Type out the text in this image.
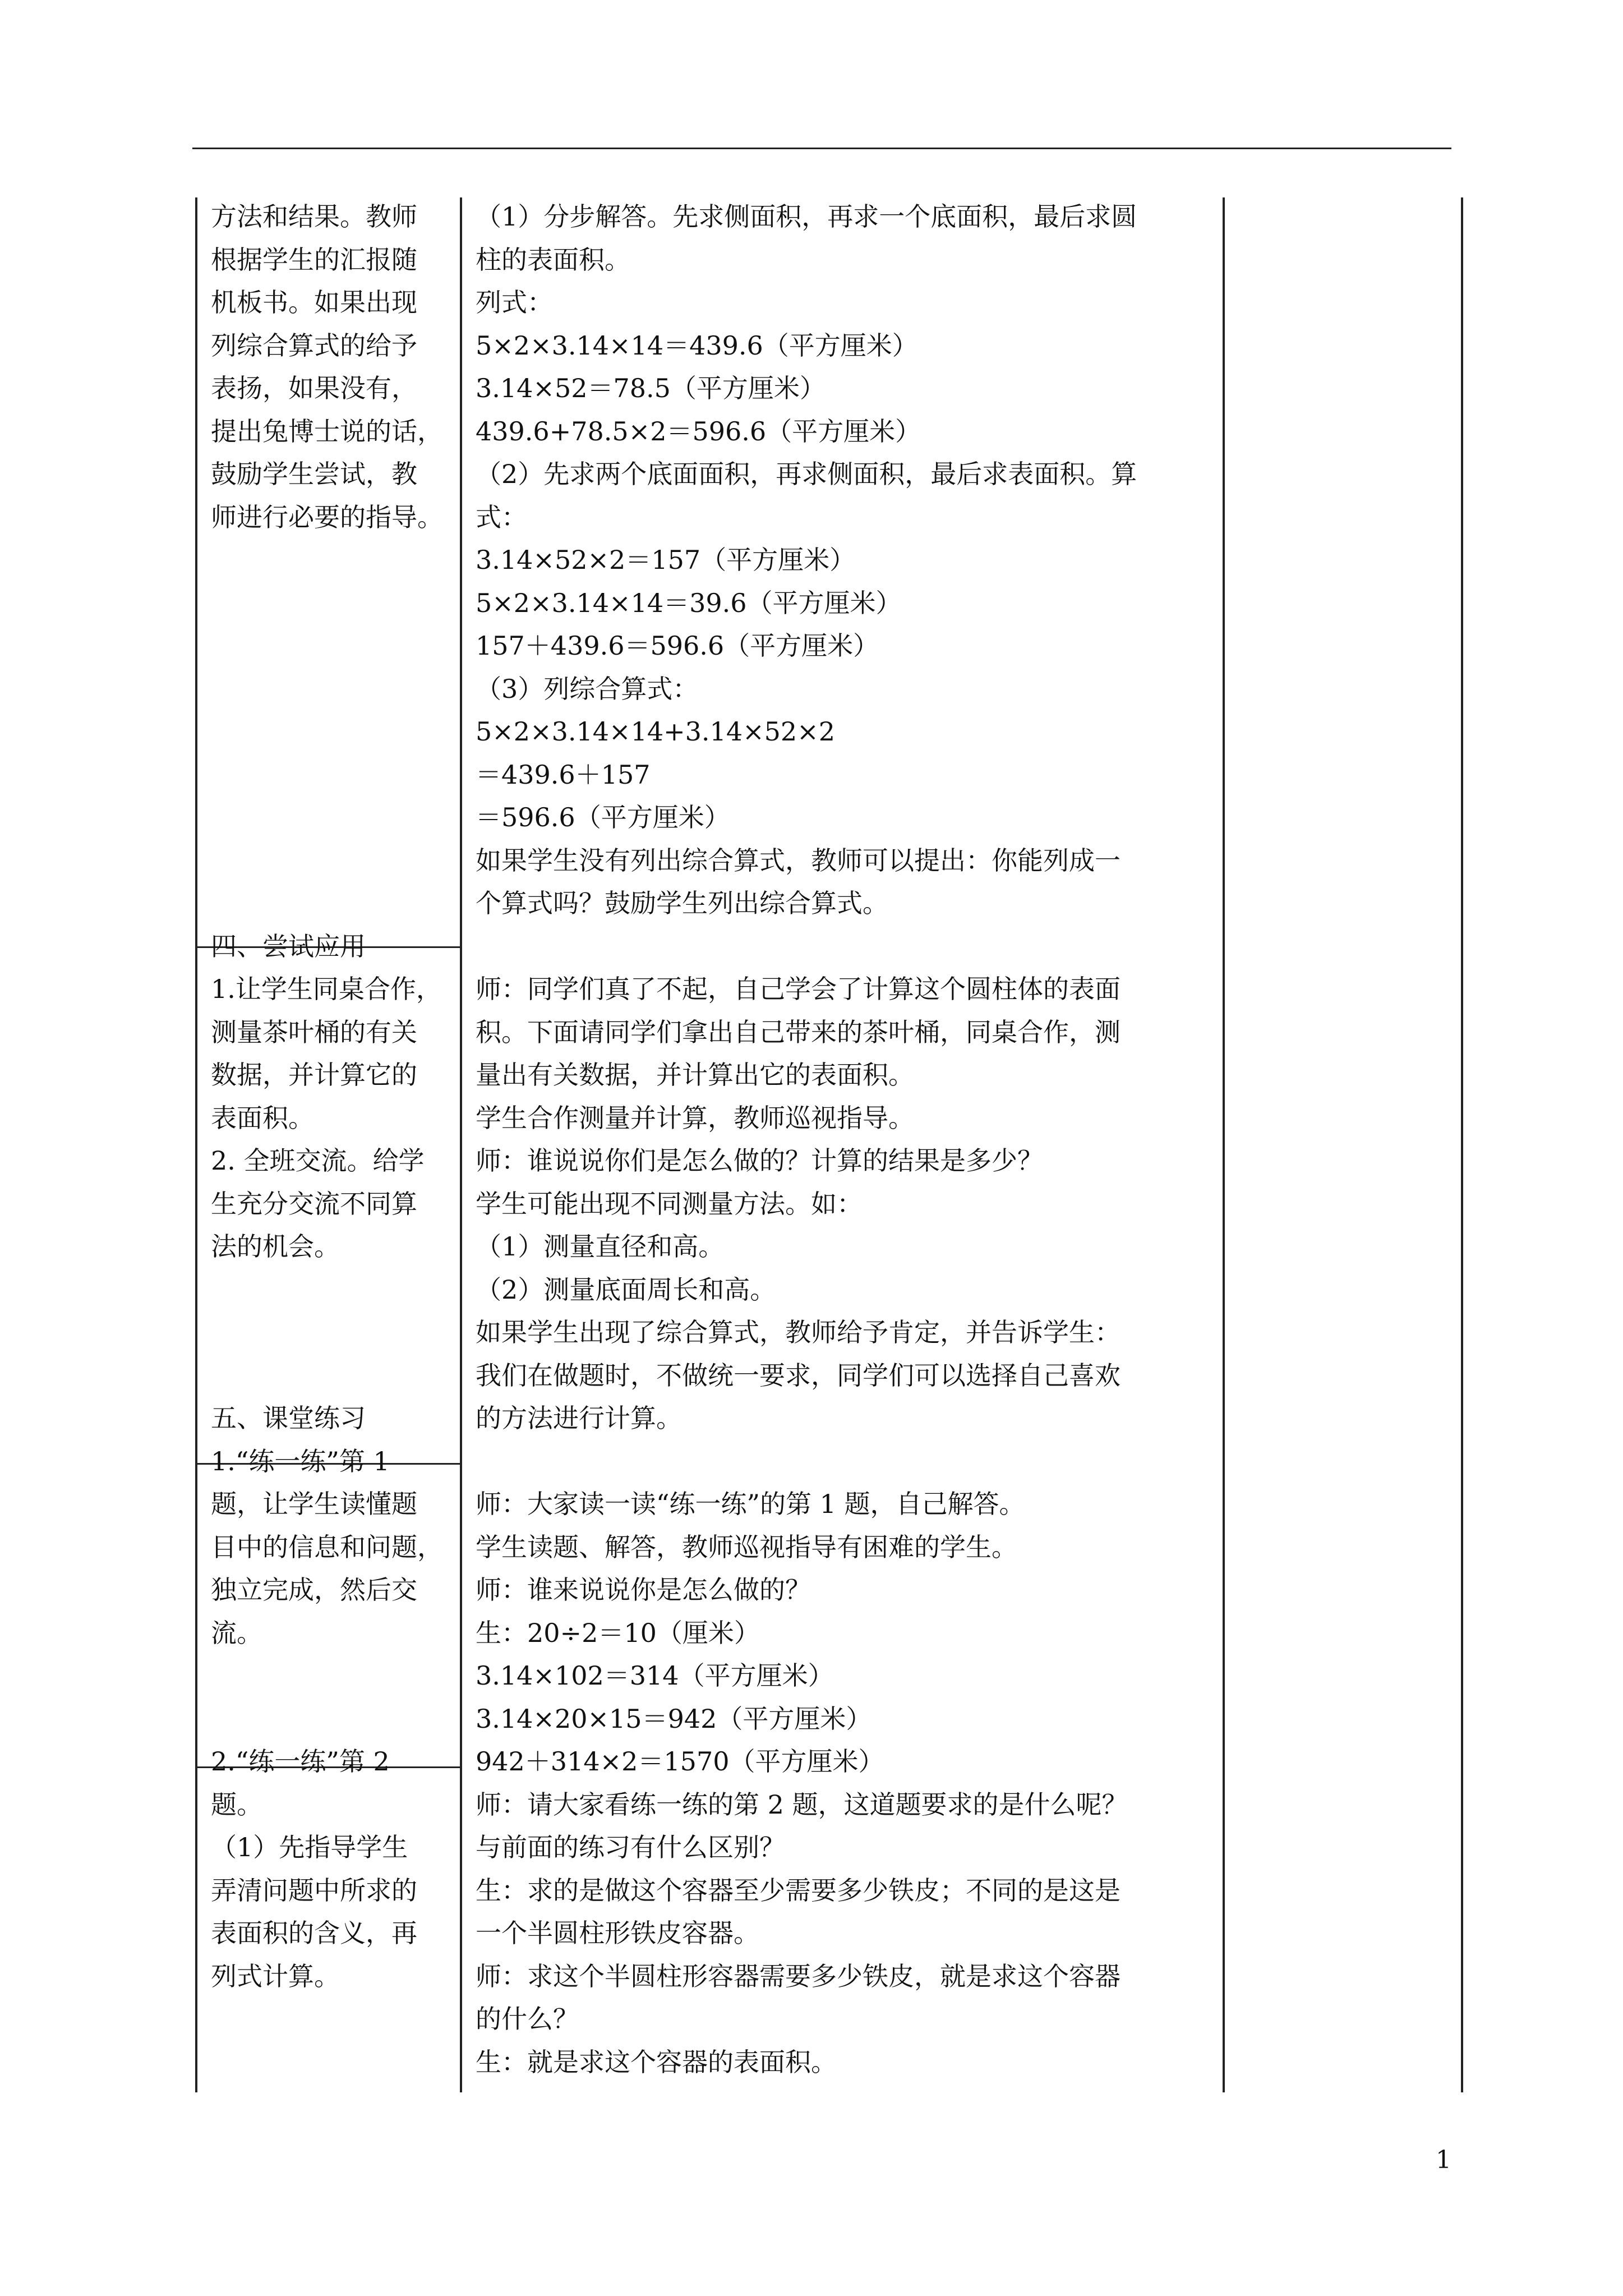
方法和结果。教师
根据学生的汇报随
机板书。如果出现
列综合算式的给予
表扬，如果没有，
提出兔博士说的话，
鼓励学生尝试，教
师进行必要的指导。
四、尝试应用
1.让学生同桌合作，
测量茶叶桶的有关
数据，并计算它的
表面积。
2. 全班交流。给学
生充分交流不同算
法的机会。
五、课堂练习
1.“练一练”第 1
题，让学生读懂题
目中的信息和问题，
独立完成，然后交
流。
2.“练一练”第 2
题。
（1）先指导学生
弄清问题中所求的
表面积的含义，再
列式计算。
（1）分步解答。先求侧面积，再求一个底面积，最后求圆
柱的表面积。
列式：
5×2×3.14×14＝439.6（平方厘米）
3.14×52＝78.5（平方厘米）
439.6+78.5×2＝596.6（平方厘米）
（2）先求两个底面面积，再求侧面积，最后求表面积。算
式：
3.14×52×2＝157（平方厘米）
5×2×3.14×14＝39.6（平方厘米）
157＋439.6＝596.6（平方厘米）
（3）列综合算式：
5×2×3.14×14+3.14×52×2
＝439.6＋157
＝596.6（平方厘米）
如果学生没有列出综合算式，教师可以提出：你能列成一
个算式吗？鼓励学生列出综合算式。
师：同学们真了不起，自己学会了计算这个圆柱体的表面
积。下面请同学们拿出自己带来的茶叶桶，同桌合作，测
量出有关数据，并计算出它的表面积。
学生合作测量并计算，教师巡视指导。
师：谁说说你们是怎么做的？计算的结果是多少？
学生可能出现不同测量方法。如：
（1）测量直径和高。
（2）测量底面周长和高。
如果学生出现了综合算式，教师给予肯定，并告诉学生：
我们在做题时，不做统一要求，同学们可以选择自己喜欢
的方法进行计算。
师：大家读一读“练一练”的第 1 题，自己解答。
学生读题、解答，教师巡视指导有困难的学生。
师：谁来说说你是怎么做的？
生：20÷2＝10（厘米）
3.14×102＝314（平方厘米）
3.14×20×15＝942（平方厘米）
942＋314×2＝1570（平方厘米）
师：请大家看练一练的第 2 题，这道题要求的是什么呢？
与前面的练习有什么区别？
生：求的是做这个容器至少需要多少铁皮；不同的是这是
一个半圆柱形铁皮容器。
师：求这个半圆柱形容器需要多少铁皮，就是求这个容器
的什么？
生：就是求这个容器的表面积。
1
